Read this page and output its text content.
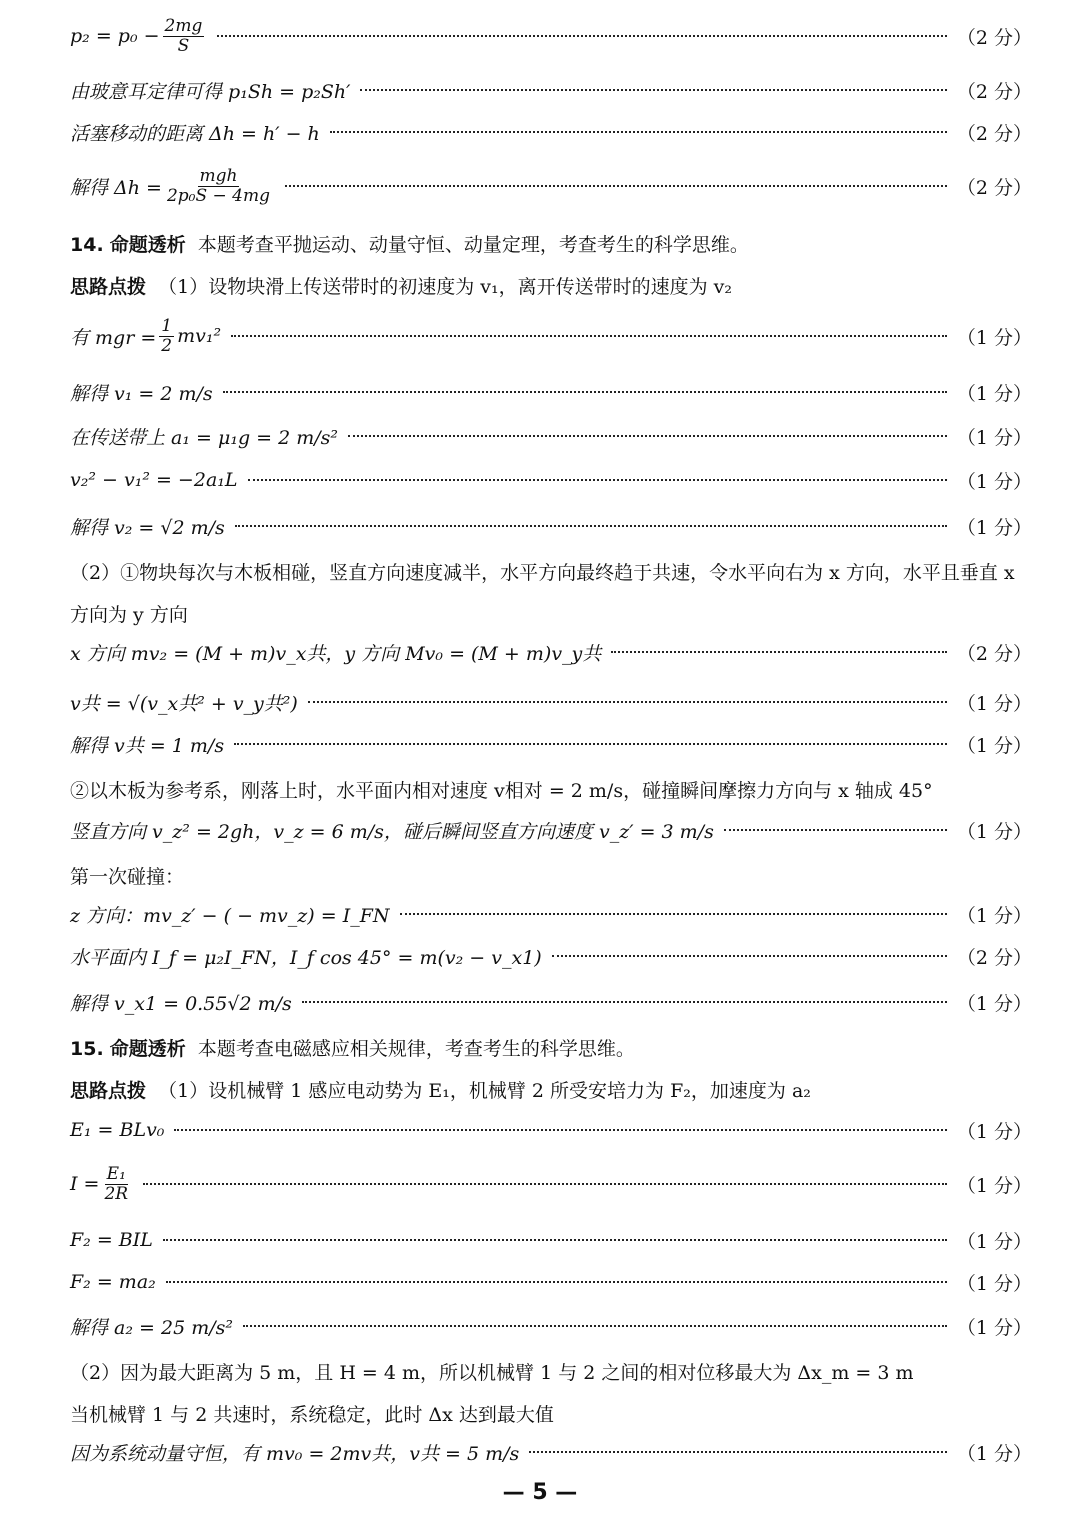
$p_2 = p_0 - \frac{2mg}{S}$	（2 分）
由玻意耳定律可得 p₁Sh = p₂Sh′	（2 分）
活塞移动的距离 Δh = h′ − h	（2 分）
解得 $\Delta h = \frac{\text{mgh}}{\text{2p₀S − 4mg}}$	（2 分）
14. 命题透析 本题考查平抛运动、动量守恒、动量定理，考查考生的科学思维。
思路点拨 （1）设物块滑上传送带时的初速度为 v₁，离开传送带时的速度为 v₂
有 mgr = $\frac{1}{2} mv_1^2$	（1 分）
解得 v₁ = 2 m/s	（1 分）
在传送带上 a₁ = μ₁g = 2 m/s²	（1 分）
v₂² − v₁² = −2a₁L	（1 分）
解得 v₂ = √2 m/s	（1 分）
（2）①物块每次与木板相碰，竖直方向速度减半，水平方向最终趋于共速，令水平向右为 x 方向，水平且垂直 x
方向为 y 方向
x 方向 mv₂ = (M + m)v_x共，y 方向 Mv₀ = (M + m)v_y共	（2 分）
v共 = √(v_x共² + v_y共²)	（1 分）
解得 v共 = 1 m/s	（1 分）
②以木板为参考系，刚落上时，水平面内相对速度 v相对 = 2 m/s，碰撞瞬间摩擦力方向与 x 轴成 45°
竖直方向 v_z² = 2gh，v_z = 6 m/s，碰后瞬间竖直方向速度 v_z′ = 3 m/s	（1 分）
第一次碰撞：
z 方向：mv_z′ − ( − mv_z) = I_FN	（1 分）
水平面内 I_f = μ₂I_FN，I_f cos 45° = m(v₂ − v_x1)	（2 分）
解得 v_x1 = 0.55√2 m/s	（1 分）
15. 命题透析 本题考查电磁感应相关规律，考查考生的科学思维。
思路点拨 （1）设机械臂 1 感应电动势为 E₁，机械臂 2 所受安培力为 F₂，加速度为 a₂
E₁ = BLv₀	（1 分）
$I = \frac{\text{E₁}}{2R}$	（1 分）
F₂ = BIL	（1 分）
F₂ = ma₂	（1 分）
解得 a₂ = 25 m/s²	（1 分）
（2）因为最大距离为 5 m，且 H = 4 m，所以机械臂 1 与 2 之间的相对位移最大为 Δx_m = 3 m
当机械臂 1 与 2 共速时，系统稳定，此时 Δx 达到最大值
因为系统动量守恒，有 mv₀ = 2mv共，v共 = 5 m/s	（1 分）
— 5 —
